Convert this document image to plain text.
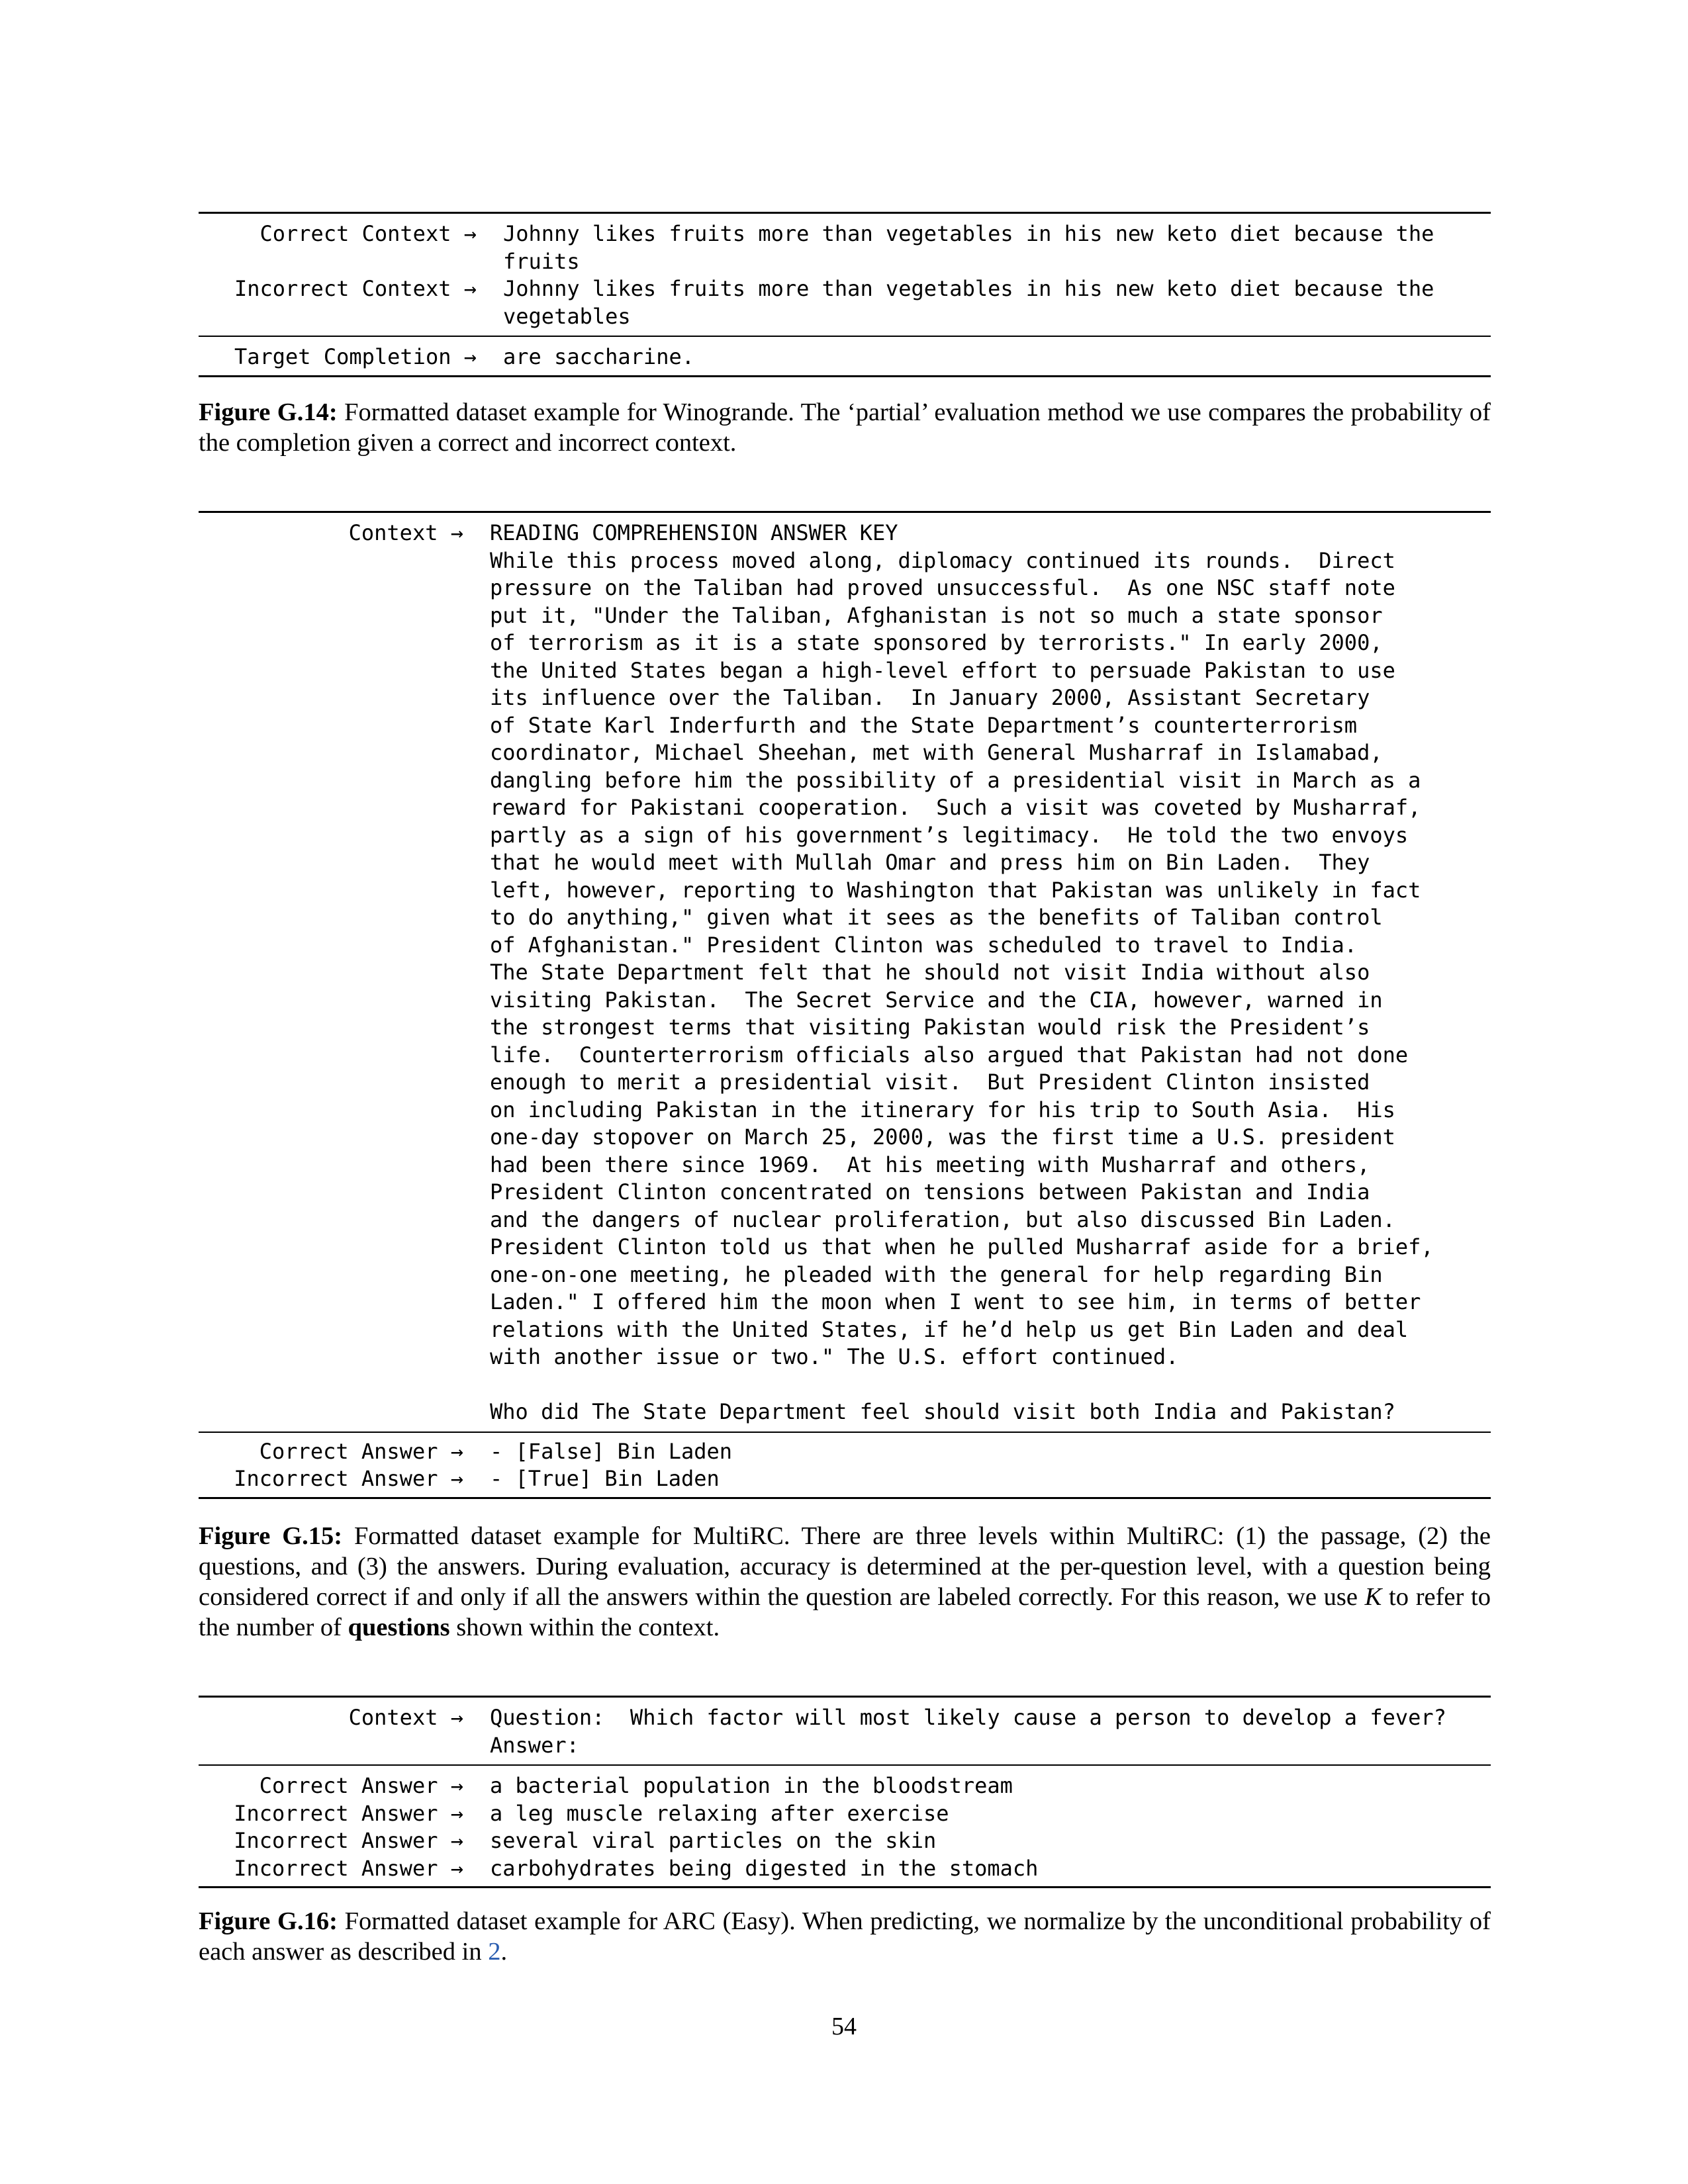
Correct Context →	Johnny likes fruits more than vegetables in his new keto diet because the
fruits
Incorrect Context →	Johnny likes fruits more than vegetables in his new keto diet because the
vegetables
Target Completion →	are saccharine.
Figure G.14: Formatted dataset example for Winogrande. The ‘partial’ evaluation method we use compares the probability of the completion given a correct and incorrect context.
Context →	READING COMPREHENSION ANSWER KEY
While this process moved along, diplomacy continued its rounds.  Direct
pressure on the Taliban had proved unsuccessful.  As one NSC staff note
put it, "Under the Taliban, Afghanistan is not so much a state sponsor
of terrorism as it is a state sponsored by terrorists." In early 2000,
the United States began a high-level effort to persuade Pakistan to use
its influence over the Taliban.  In January 2000, Assistant Secretary
of State Karl Inderfurth and the State Department’s counterterrorism
coordinator, Michael Sheehan, met with General Musharraf in Islamabad,
dangling before him the possibility of a presidential visit in March as a
reward for Pakistani cooperation.  Such a visit was coveted by Musharraf,
partly as a sign of his government’s legitimacy.  He told the two envoys
that he would meet with Mullah Omar and press him on Bin Laden.  They
left, however, reporting to Washington that Pakistan was unlikely in fact
to do anything," given what it sees as the benefits of Taliban control
of Afghanistan." President Clinton was scheduled to travel to India.
The State Department felt that he should not visit India without also
visiting Pakistan.  The Secret Service and the CIA, however, warned in
the strongest terms that visiting Pakistan would risk the President’s
life.  Counterterrorism officials also argued that Pakistan had not done
enough to merit a presidential visit.  But President Clinton insisted
on including Pakistan in the itinerary for his trip to South Asia.  His
one-day stopover on March 25, 2000, was the first time a U.S. president
had been there since 1969.  At his meeting with Musharraf and others,
President Clinton concentrated on tensions between Pakistan and India
and the dangers of nuclear proliferation, but also discussed Bin Laden.
President Clinton told us that when he pulled Musharraf aside for a brief,
one-on-one meeting, he pleaded with the general for help regarding Bin
Laden." I offered him the moon when I went to see him, in terms of better
relations with the United States, if he’d help us get Bin Laden and deal
with another issue or two." The U.S. effort continued.

Who did The State Department feel should visit both India and Pakistan?
Correct Answer →	- [False] Bin Laden
Incorrect Answer →	- [True] Bin Laden
Figure G.15: Formatted dataset example for MultiRC. There are three levels within MultiRC: (1) the passage, (2) the questions, and (3) the answers. During evaluation, accuracy is determined at the per-question level, with a question being considered correct if and only if all the answers within the question are labeled correctly. For this reason, we use K to refer to the number of questions shown within the context.
Context →	Question:  Which factor will most likely cause a person to develop a fever?
Answer:
Correct Answer →	a bacterial population in the bloodstream
Incorrect Answer →	a leg muscle relaxing after exercise
Incorrect Answer →	several viral particles on the skin
Incorrect Answer →	carbohydrates being digested in the stomach
Figure G.16: Formatted dataset example for ARC (Easy). When predicting, we normalize by the unconditional probability of each answer as described in 2.
54
